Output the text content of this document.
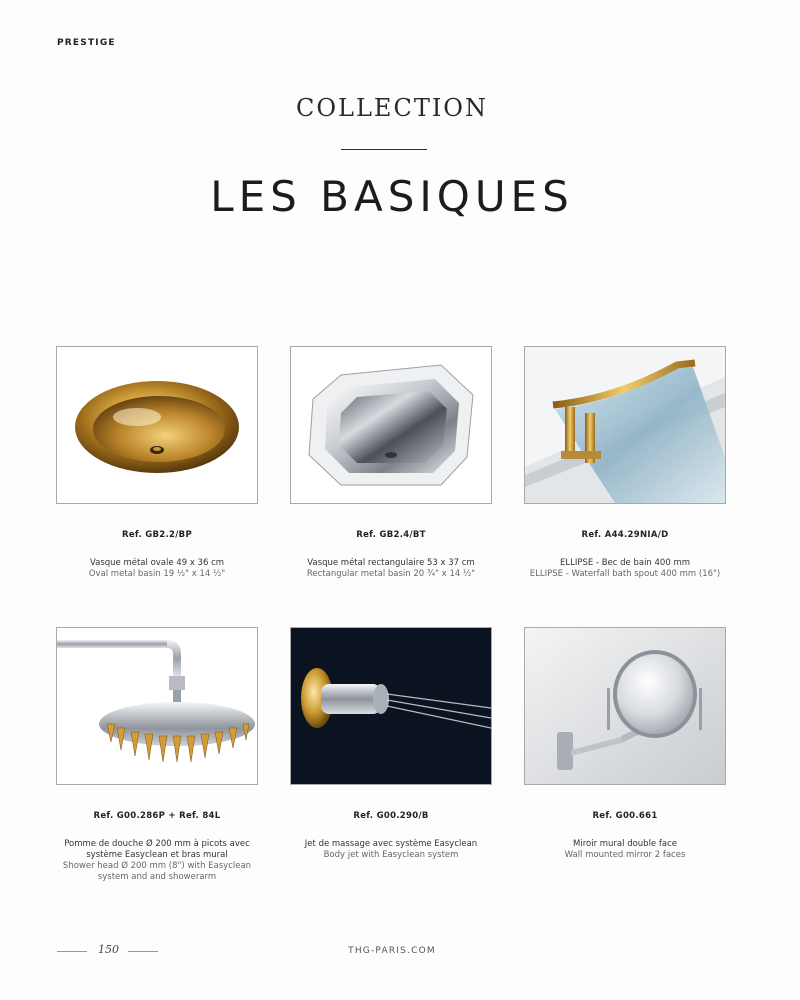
PRESTIGE
COLLECTION
LES BASIQUES
Ref. GB2.2/BP
Vasque métal ovale 49 x 36 cm
Oval metal basin 19 ½" x 14 ½"
Ref. GB2.4/BT
Vasque métal rectangulaire 53 x 37 cm
Rectangular metal basin 20 ¾" x 14 ½"
Ref. A44.29NIA/D
ELLIPSE - Bec de bain 400 mm
ELLIPSE - Waterfall bath spout 400 mm (16")
Ref. G00.286P + Ref. 84L
Pomme de douche Ø 200 mm à picots avec système Easyclean et bras mural
Shower head Ø 200 mm (8") with Easyclean system and and showerarm
Ref. G00.290/B
Jet de massage avec système Easyclean
Body jet with Easyclean system
Ref. G00.661
Miroir mural double face
Wall mounted mirror 2 faces
150	THG-PARIS.COM
